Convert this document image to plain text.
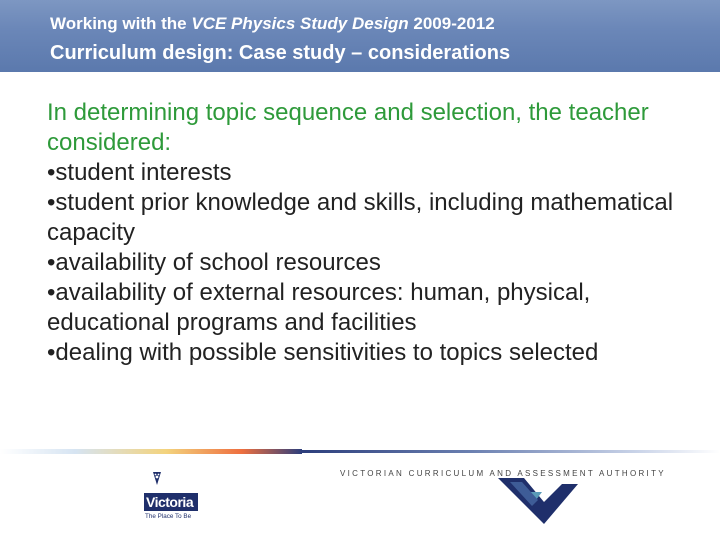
Working with the VCE Physics Study Design 2009-2012
Curriculum design: Case study – considerations
In determining topic sequence and selection, the teacher considered:
•student interests
•student prior knowledge and skills, including mathematical capacity
•availability of school resources
•availability of external resources: human, physical, educational programs and facilities
•dealing with possible sensitivities to topics selected
Victoria
The Place To Be
VICTORIAN CURRICULUM AND ASSESSMENT AUTHORITY
